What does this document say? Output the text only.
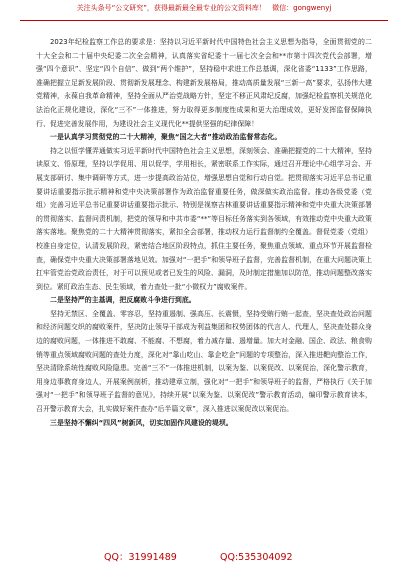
关注头条号“公文研究”，获得最新最全最专业的公文资料库！ 微信：gongwenyj

2023年纪检监察工作总的要求是：坚持以习近平新时代中国特色社会主义思想为指导，全面贯彻党的二十大全会和二十届中央纪委二次全会精神，认真落实省纪委十一届七次全会和**市第十四次党代会部署，增强“四个意识”、坚定“四个自信”、做到“两个维护”，坚持稳中求进工作总基调，深化省委“1133”工作思路，准确把握立足新发展阶段、贯彻新发展理念、构建新发展格局，推动高质量发展“三新一高”要求，弘扬伟大建党精神，永葆自我革命精神，坚持全面从严治党战略方针，坚定不移正风肃纪反腐，加强纪检监察机关规范化法治化正规化建设，深化“三不”一体推进，努力取得更多制度性成果和更大治理成效，更好发挥监督保障执行、促进完善发展作用，为建设社会主义现代化**提供坚强的纪律保障！

一是认真学习贯彻党的二十大精神，聚焦“国之大者”推动政治监督常态化。

持之以恒学懂弄通做实习近平新时代中国特色社会主义思想，深刻领会、准确把握党的二十大精神，坚持读原文、悟原理，坚持以学促用、用以促学，学用相长，紧密联系工作实际，通过召开理论中心组学习会、开展支部研讨、集中调研等方式，进一步提高政治站位，增强思想自觉和行动自觉。把贯彻落实习近平总书记重要讲话重要指示批示精神和党中央决策部署作为政治监督重要任务，做深做实政治监督。推动各级党委（党组）完善习近平总书记重要讲话重要指示批示、特别是视察吉林重要讲话重要指示精神和党中央重大决策部署的贯彻落实、监督问责机制，把党的领导和中共市委“**”等目标任务落实到各领域，有效推动党中央重大政策落实落地。聚焦党的二十大精神贯彻落实，紧扣全会部署，推动权力运行监督制约全覆盖。督促党委（党组）校准自身定位，认清发展阶段，紧密结合地区阶段特点，抓住主要任务，聚焦重点领域、重点环节开展监督检查，确保党中央重大决策部署落地见效。加强对“一把手”和领导班子监督，完善监督机制，在重大问题决策上扛牢管党治党政治责任，对于可以预见或者已发生的风险、漏洞，及时制定措施加以防范，推动问题整改落实到位。紧盯政治生态、民生领域，着力查处一批“小微权力”腐败案件。

二是坚持严的主基调，把反腐败斗争进行到底。

坚持无禁区、全覆盖、零容忍，坚持重遏制、强高压、长震慑，坚持受贿行贿一起查，坚决查处政治问题和经济问题交织的腐败案件，坚决防止领导干部成为利益集团和权势团体的代言人、代理人，坚决查处群众身边的腐败问题，一体推进不敢腐、不能腐、不想腐，着力减存量、遏增量。加大对金融、国企、政法、粮食购销等重点领域腐败问题的查处力度，深化对“靠山吃山、靠企吃企”问题的专项整治，深入推进靶向整治工作，坚决清除系统性腐败风险隐患。完善“三不”一体推进机制，以案为鉴、以案促改、以案促治，深化警示教育，用身边事教育身边人，开展案例剖析，推动建章立制，强化对“一把手”和领导班子的监督，严格执行《关于加强对“一把手”和领导班子监督的意见》，持续开展“以案为鉴、以案促改”警示教育活动，编印警示教育读本，召开警示教育大会，扎实做好案件查办“后半篇文章”，深入推进以案促改以案促治。

三是坚持不懈纠“四风”树新风，切实加固作风建设的堤坝。

QQ：31991489	QQ:535304092
